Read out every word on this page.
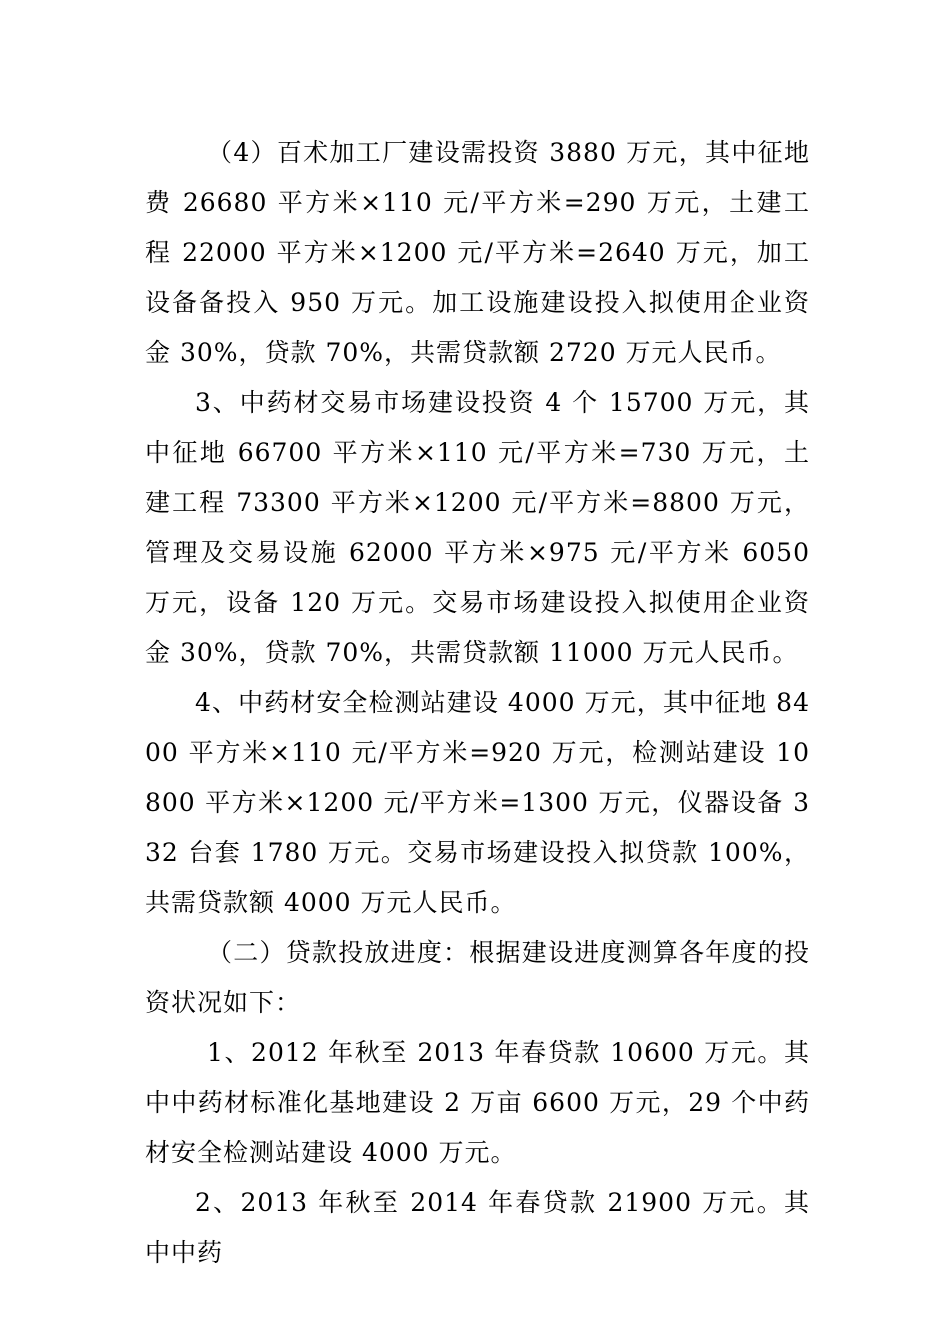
（4）百术加工厂建设需投资 3880 万元，其中征地费 26680 平方米×110 元/平方米=290 万元，土建工程 22000 平方米×1200 元/平方米=2640 万元，加工设备备投入 950 万元。加工设施建设投入拟使用企业资金 30%，贷款 70%，共需贷款额 2720 万元人民币。

3、中药材交易市场建设投资 4 个 15700 万元，其中征地 66700 平方米×110 元/平方米=730 万元，土建工程 73300 平方米×1200 元/平方米=8800 万元，管理及交易设施 62000 平方米×975 元/平方米 6050 万元，设备 120 万元。交易市场建设投入拟使用企业资金 30%，贷款 70%，共需贷款额 11000 万元人民币。

4、中药材安全检测站建设 4000 万元，其中征地 8400 平方米×110 元/平方米=920 万元，检测站建设 10800 平方米×1200 元/平方米=1300 万元，仪器设备 332 台套 1780 万元。交易市场建设投入拟贷款 100%，共需贷款额 4000 万元人民币。

（二）贷款投放进度：根据建设进度测算各年度的投资状况如下：

1、2012 年秋至 2013 年春贷款 10600 万元。其中中药材标准化基地建设 2 万亩 6600 万元，29 个中药材安全检测站建设 4000 万元。

2、2013 年秋至 2014 年春贷款 21900 万元。其中中药
